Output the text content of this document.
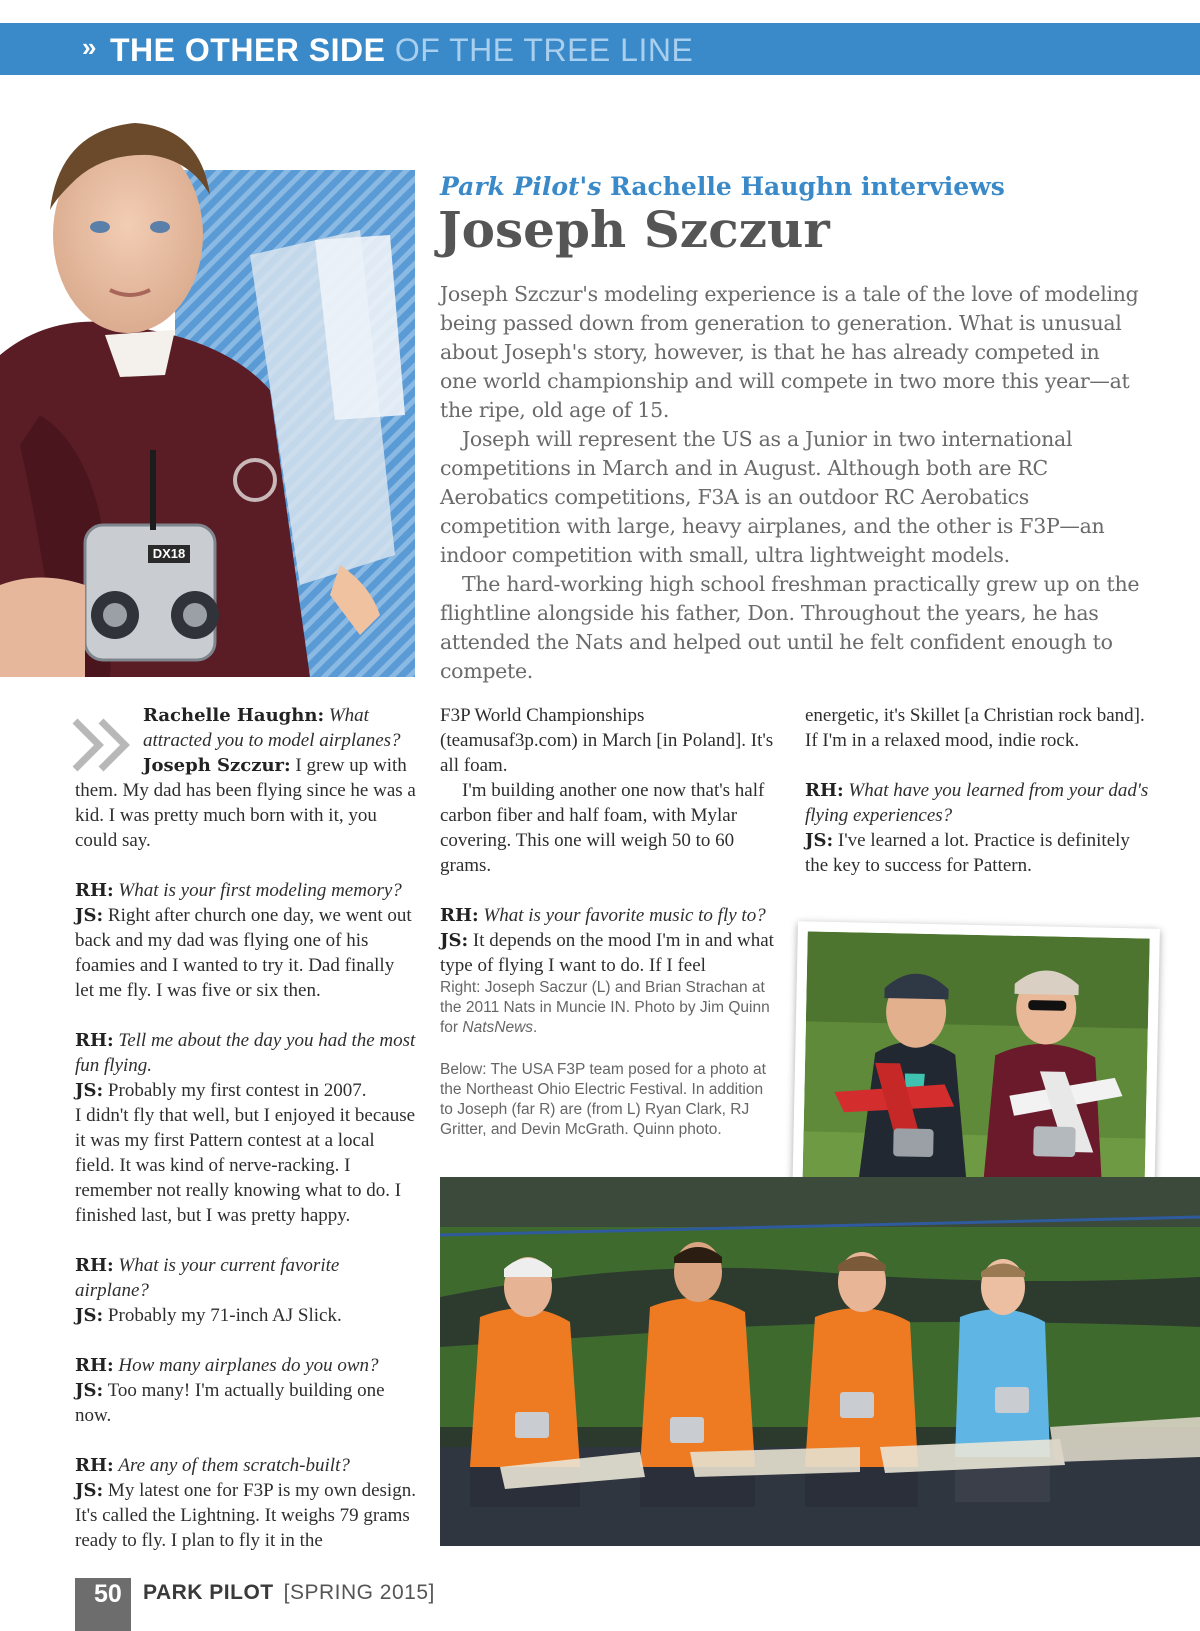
» THE OTHER SIDE OF THE TREE LINE
DX18
Park Pilot's Rachelle Haughn interviews
Joseph Szczur

Joseph Szczur's modeling experience is a tale of the love of modeling being passed down from generation to generation. What is unusual about Joseph's story, however, is that he has already competed in one world championship and will compete in two more this year—at the ripe, old age of 15.

Joseph will represent the US as a Junior in two international competitions in March and in August. Although both are RC Aerobatics competitions, F3A is an outdoor RC Aerobatics competition with large, heavy airplanes, and the other is F3P—an indoor competition with small, ultra lightweight models.

The hard-working high school freshman practically grew up on the flightline alongside his father, Don. Throughout the years, he has attended the Nats and helped out until he felt confident enough to compete.

Rachelle Haughn: What attracted you to model airplanes?
Joseph Szczur: I grew up with them. My dad has been flying since he was a kid. I was pretty much born with it, you could say.
RH: What is your first modeling memory?
JS: Right after church one day, we went out back and my dad was flying one of his foamies and I wanted to try it. Dad finally let me fly. I was five or six then.
RH: Tell me about the day you had the most fun flying.
JS: Probably my first contest in 2007.
I didn't fly that well, but I enjoyed it because it was my first Pattern contest at a local field. It was kind of nerve-racking. I remember not really knowing what to do. I finished last, but I was pretty happy.
RH: What is your current favorite airplane?
JS: Probably my 71-inch AJ Slick.
RH: How many airplanes do you own?
JS: Too many! I'm actually building one now.
RH: Are any of them scratch-built?
JS: My latest one for F3P is my own design. It's called the Lightning. It weighs 79 grams ready to fly. I plan to fly it in the
F3P World Championships (teamusaf3p.com) in March [in Poland]. It's all foam.
I'm building another one now that's half carbon fiber and half foam, with Mylar covering. This one will weigh 50 to 60 grams.
RH: What is your favorite music to fly to?
JS: It depends on the mood I'm in and what type of flying I want to do. If I feel
Right: Joseph Saczur (L) and Brian Strachan at the 2011 Nats in Muncie IN. Photo by Jim Quinn for NatsNews.
Below: The USA F3P team posed for a photo at the Northeast Ohio Electric Festival. In addition to Joseph (far R) are (from L) Ryan Clark, RJ Gritter, and Devin McGrath. Quinn photo.
energetic, it's Skillet [a Christian rock band]. If I'm in a relaxed mood, indie rock.
RH: What have you learned from your dad's flying experiences?
JS: I've learned a lot. Practice is definitely the key to success for Pattern.
50 PARK PILOT [SPRING 2015]
